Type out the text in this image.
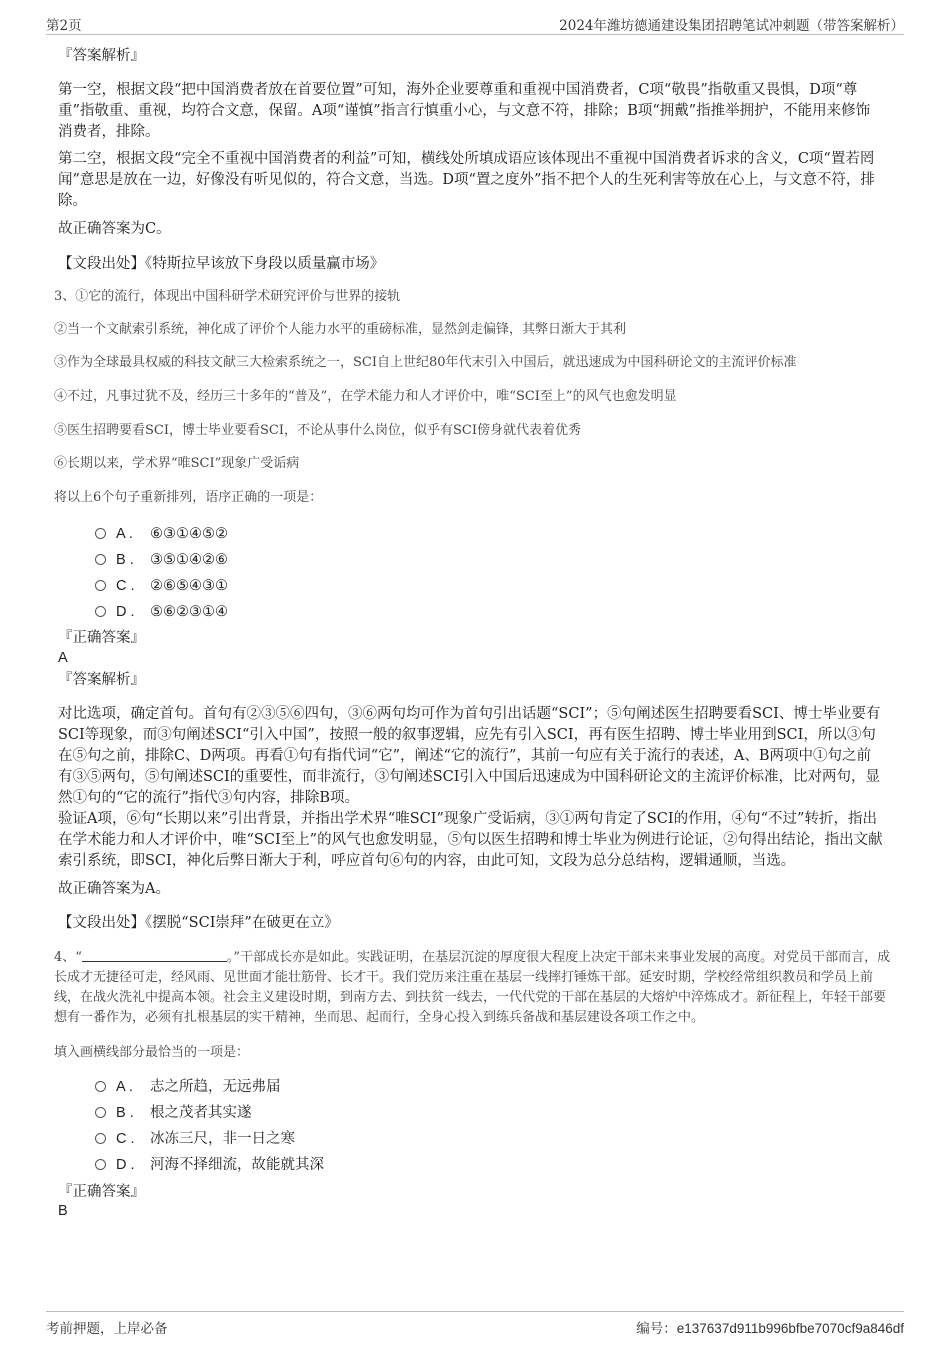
第2页	2024年潍坊德通建设集团招聘笔试冲刺题（带答案解析）

『答案解析』

第一空，根据文段“把中国消费者放在首要位置”可知，海外企业要尊重和重视中国消费者，C项“敬畏”指敬重又畏惧，D项“尊重”指敬重、重视，均符合文意，保留。A项“谨慎”指言行慎重小心，与文意不符，排除；B项“拥戴”指推举拥护，不能用来修饰消费者，排除。

第二空，根据文段“完全不重视中国消费者的利益”可知，横线处所填成语应该体现出不重视中国消费者诉求的含义，C项“置若罔闻”意思是放在一边，好像没有听见似的，符合文意，当选。D项“置之度外”指不把个人的生死利害等放在心上，与文意不符，排除。

故正确答案为C。

【文段出处】《特斯拉早该放下身段以质量赢市场》

3、①它的流行，体现出中国科研学术研究评价与世界的接轨

②当一个文献索引系统，神化成了评价个人能力水平的重磅标准，显然剑走偏锋，其弊日渐大于其利

③作为全球最具权威的科技文献三大检索系统之一，SCI自上世纪80年代末引入中国后，就迅速成为中国科研论文的主流评价标准

④不过，凡事过犹不及，经历三十多年的“普及”，在学术能力和人才评价中，唯“SCI至上”的风气也愈发明显

⑤医生招聘要看SCI，博士毕业要看SCI，不论从事什么岗位，似乎有SCI傍身就代表着优秀

⑥长期以来，学术界“唯SCI”现象广受诟病

将以上6个句子重新排列，语序正确的一项是：

A . ⑥③①④⑤②
B . ③⑤①④②⑥
C . ②⑥⑤④③①
D . ⑤⑥②③①④

『正确答案』

A

『答案解析』

对比选项，确定首句。首句有②③⑤⑥四句，③⑥两句均可作为首句引出话题“SCI”；⑤句阐述医生招聘要看SCI、博士毕业要有SCI等现象，而③句阐述SCI“引入中国”，按照一般的叙事逻辑，应先有引入SCI，再有医生招聘、博士毕业用到SCI，所以③句在⑤句之前，排除C、D两项。再看①句有指代词“它”，阐述“它的流行”，其前一句应有关于流行的表述，A、B两项中①句之前有③⑤两句，⑤句阐述SCI的重要性，而非流行，③句阐述SCI引入中国后迅速成为中国科研论文的主流评价标准，比对两句，显然①句的“它的流行”指代③句内容，排除B项。

验证A项，⑥句“长期以来”引出背景，并指出学术界“唯SCI”现象广受诟病，③①两句肯定了SCI的作用，④句“不过”转折，指出在学术能力和人才评价中，唯“SCI至上”的风气也愈发明显，⑤句以医生招聘和博士毕业为例进行论证，②句得出结论，指出文献索引系统，即SCI，神化后弊日渐大于利，呼应首句⑥句的内容，由此可知，文段为总分总结构，逻辑通顺，当选。

故正确答案为A。

【文段出处】《摆脱“SCI崇拜”在破更在立》

4、“	。”干部成长亦是如此。实践证明，在基层沉淀的厚度很大程度上决定干部未来事业发展的高度。对党员干部而言，成长成才无捷径可走，经风雨、见世面才能壮筋骨、长才干。我们党历来注重在基层一线摔打锤炼干部。延安时期，学校经常组织教员和学员上前线，在战火洗礼中提高本领。社会主义建设时期，到南方去、到扶贫一线去，一代代党的干部在基层的大熔炉中淬炼成才。新征程上，年轻干部要想有一番作为，必须有扎根基层的实干精神，坐而思、起而行，全身心投入到练兵备战和基层建设各项工作之中。

填入画横线部分最恰当的一项是：

A . 志之所趋，无远弗届
B . 根之茂者其实遂
C . 冰冻三尺，非一日之寒
D . 河海不择细流，故能就其深

『正确答案』

B
考前押题，上岸必备	编号：e137637d911b996bfbe7070cf9a846df
